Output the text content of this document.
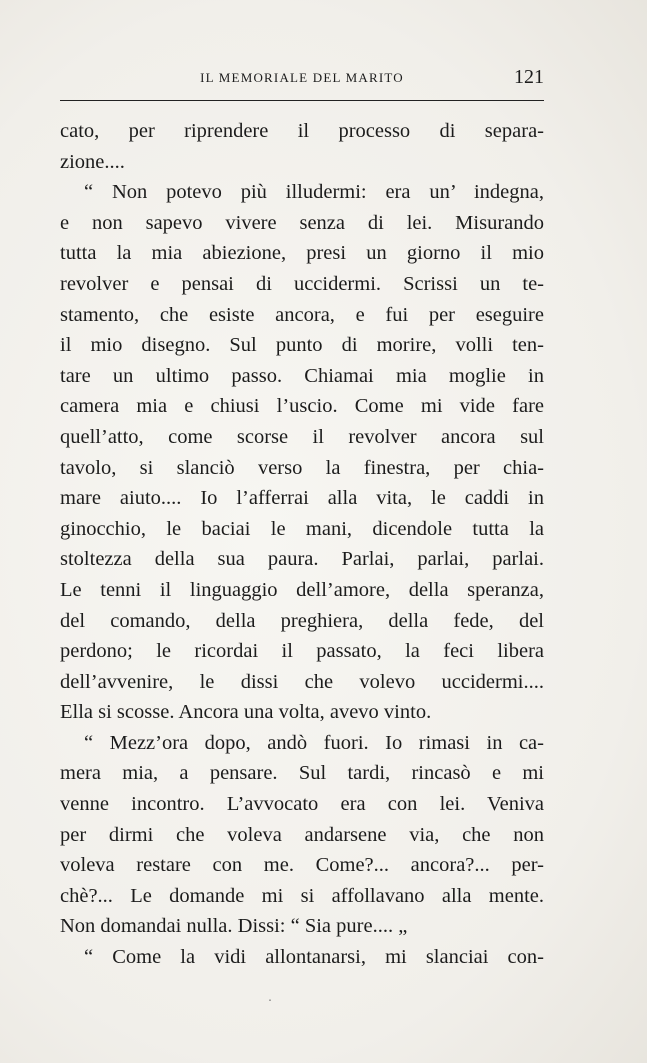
IL MEMORIALE DEL MARITO	121
cato, per riprendere il processo di separa-
zione....
“ Non potevo più illudermi: era un’ indegna,
e non sapevo vivere senza di lei. Misurando
tutta la mia abiezione, presi un giorno il mio
revolver e pensai di uccidermi. Scrissi un te-
stamento, che esiste ancora, e fui per eseguire
il mio disegno. Sul punto di morire, volli ten-
tare un ultimo passo. Chiamai mia moglie in
camera mia e chiusi l’uscio. Come mi vide fare
quell’atto, come scorse il revolver ancora sul
tavolo, si slanciò verso la finestra, per chia-
mare aiuto.... Io l’afferrai alla vita, le caddi in
ginocchio, le baciai le mani, dicendole tutta la
stoltezza della sua paura. Parlai, parlai, parlai.
Le tenni il linguaggio dell’amore, della speranza,
del comando, della preghiera, della fede, del
perdono; le ricordai il passato, la feci libera
dell’avvenire, le dissi che volevo uccidermi....
Ella si scosse. Ancora una volta, avevo vinto.
“ Mezz’ora dopo, andò fuori. Io rimasi in ca-
mera mia, a pensare. Sul tardi, rincasò e mi
venne incontro. L’avvocato era con lei. Veniva
per dirmi che voleva andarsene via, che non
voleva restare con me. Come?... ancora?... per-
chè?... Le domande mi si affollavano alla mente.
Non domandai nulla. Dissi: “ Sia pure.... „
“ Come la vidi allontanarsi, mi slanciai con-
․
